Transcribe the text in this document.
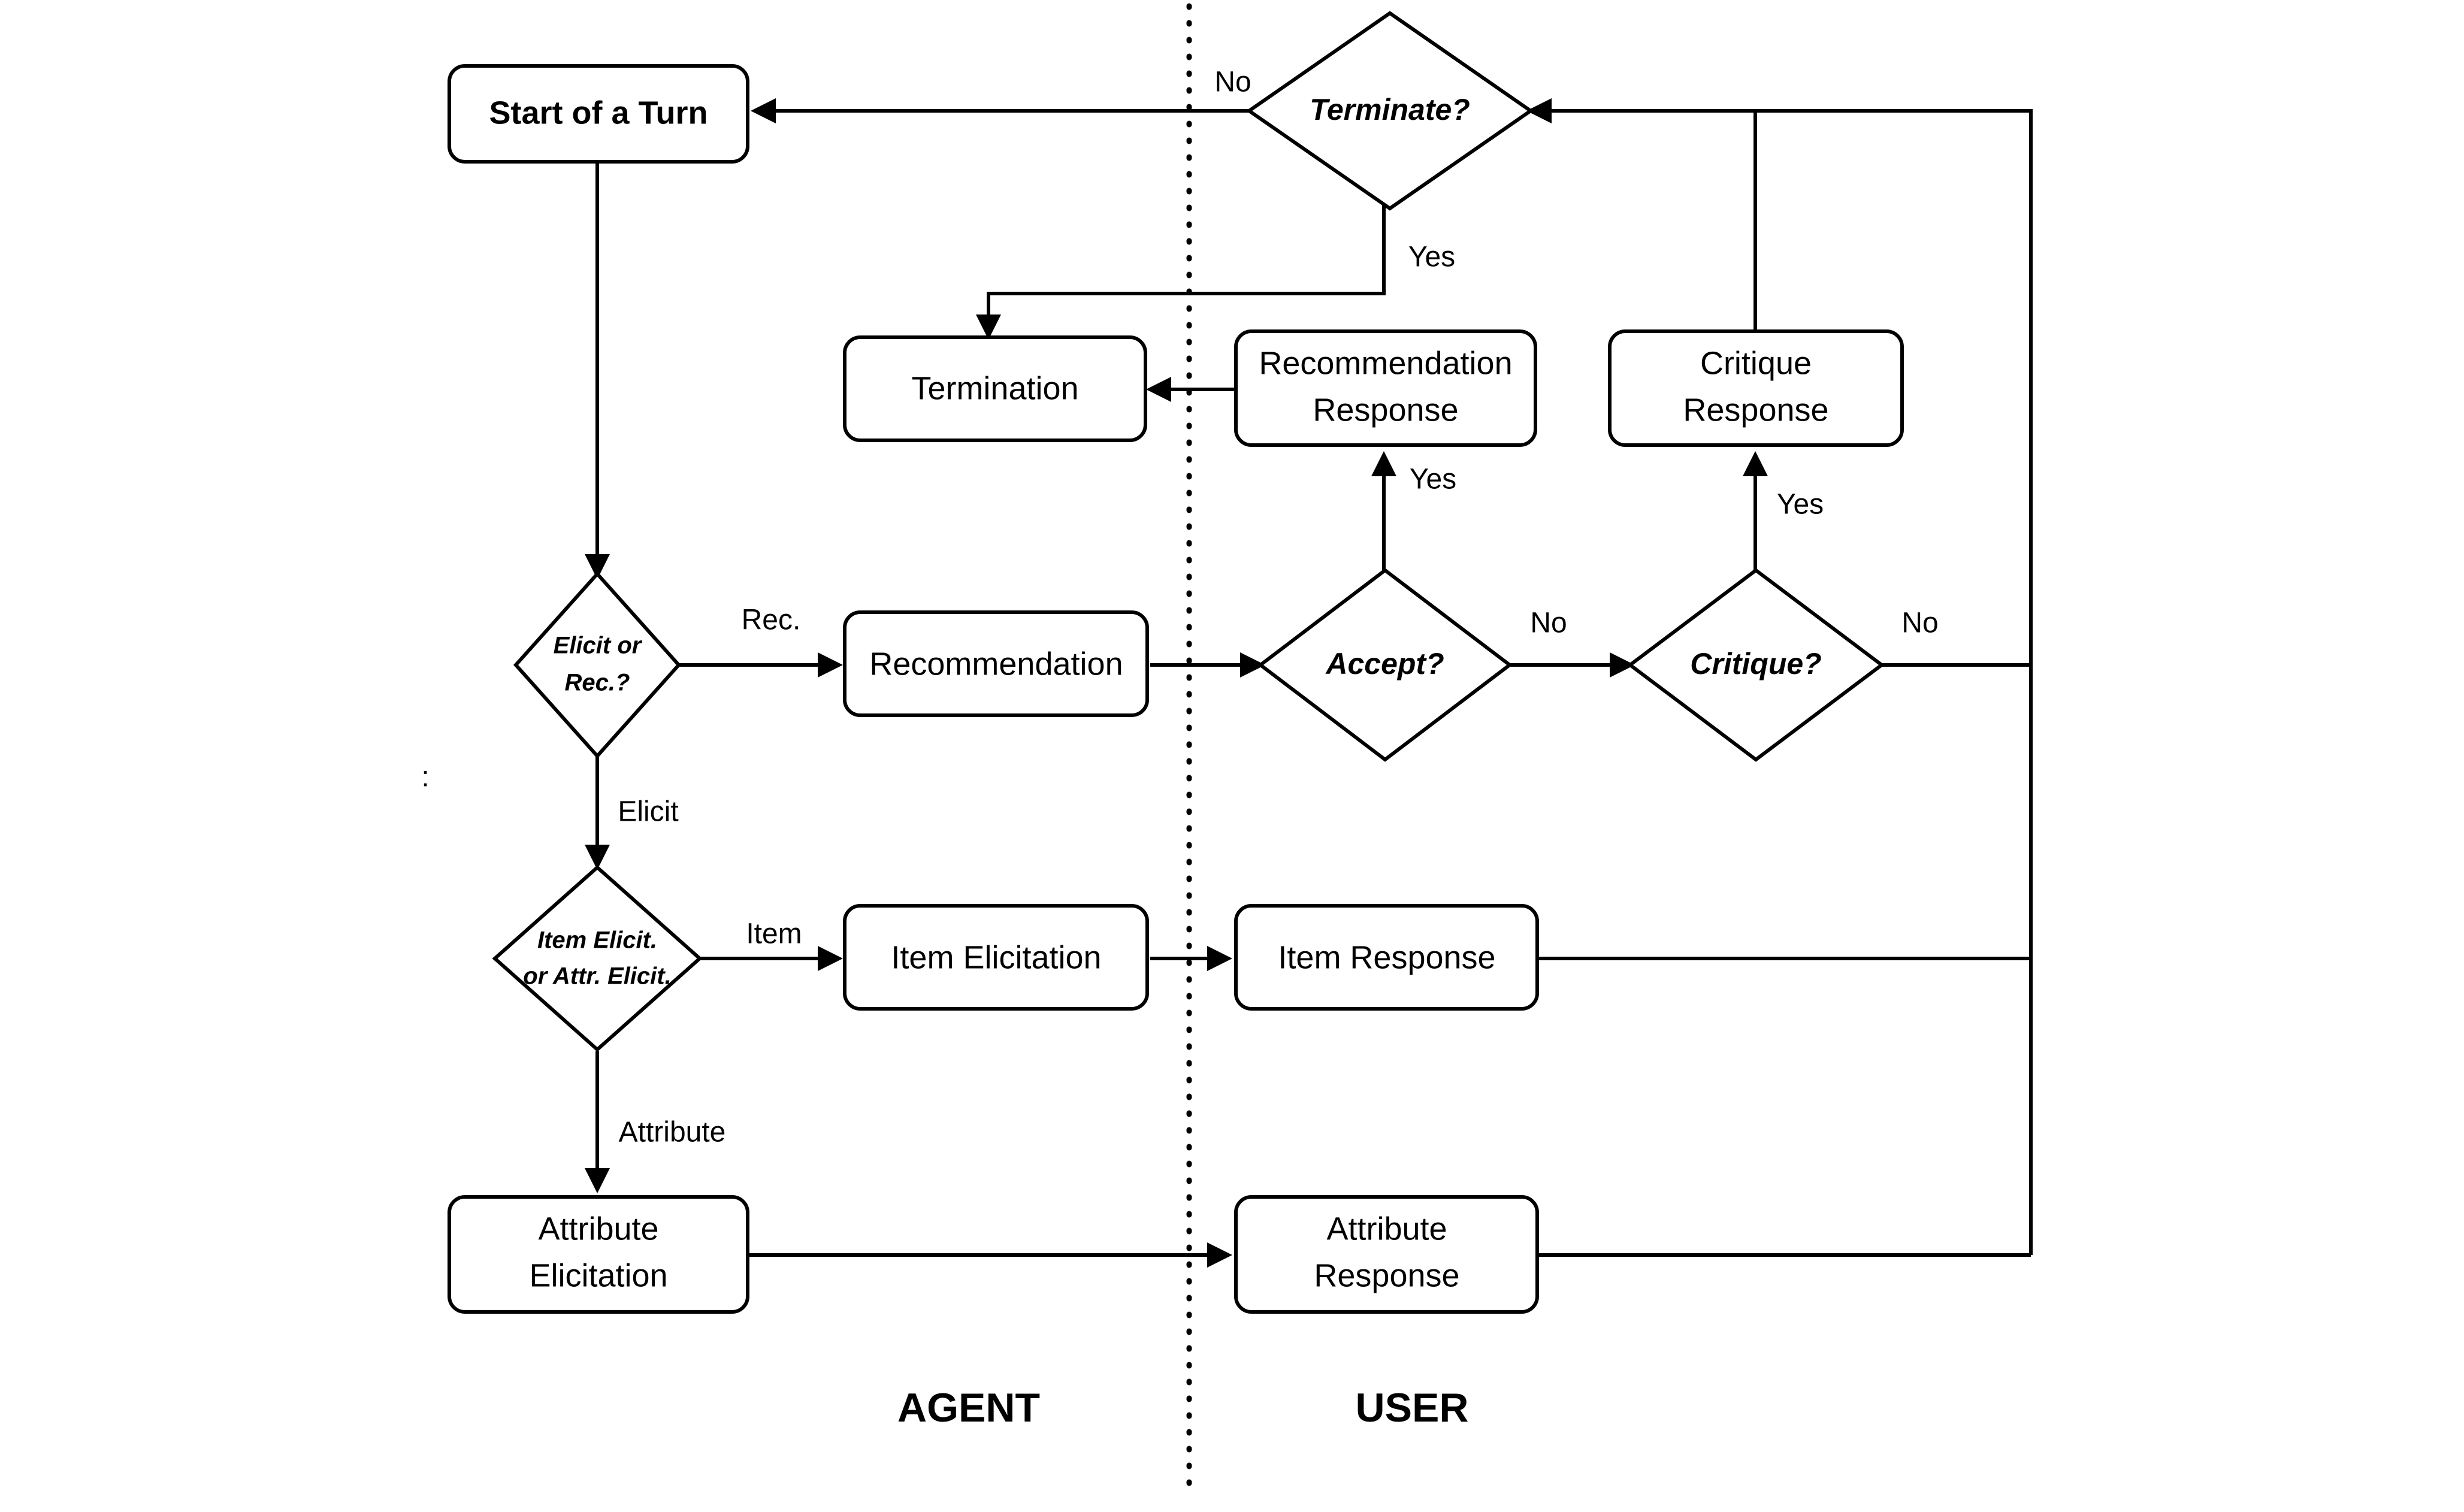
Start of a Turn	Terminate?
Termination
Recommendation
Response
Critique
Response
Elicit or
Rec.?
Recommendation	Accept?	Critique?
Item Elicit.
or Attr. Elicit.
Item Elicitation	Item Response
Attribute
Elicitation
Attribute
Response
No
Yes
Rec.
Elicit
Yes
No
Yes
No
Item
Attribute
AGENT	USER
:
